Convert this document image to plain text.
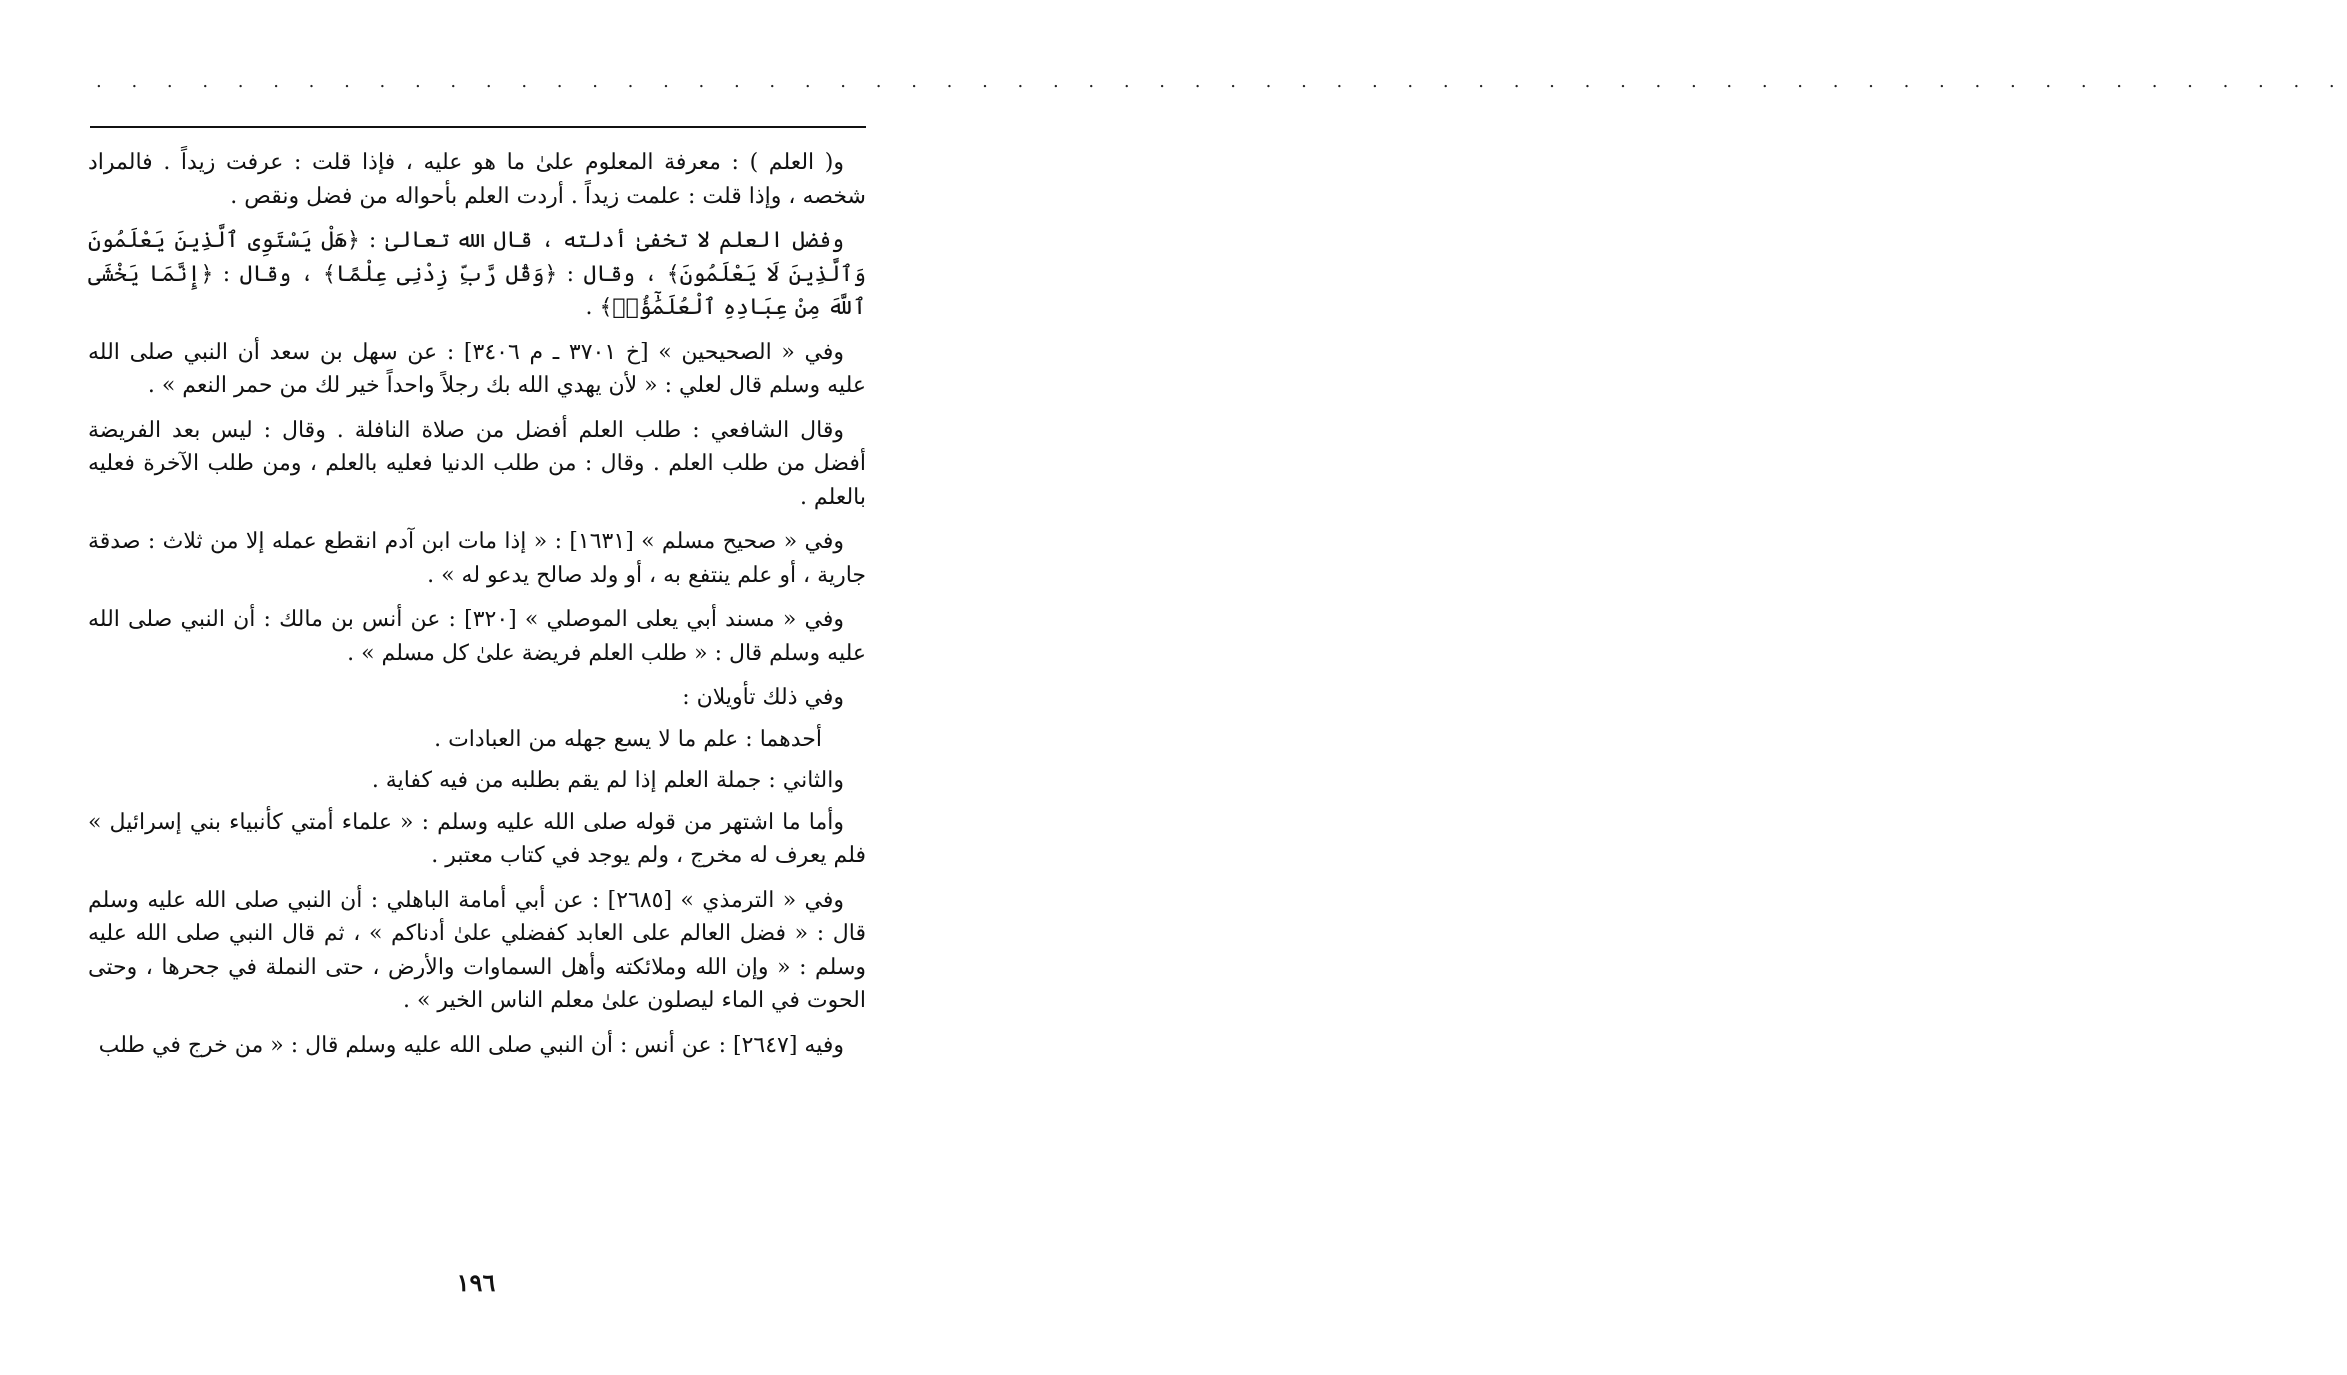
. . . . . . . . . . . . . . . . . . . . . . . . . . . . . . . . . . . . . . . . . . . . . . . . . . . . . . . . . . . . . . . .

و( العلم ) : معرفة المعلوم علىٰ ما هو عليه ، فإذا قلت : عرفت زيداً . فالمراد شخصه ، وإذا قلت : علمت زيداً . أردت العلم بأحواله من فضل ونقص .

وفضل العلم لا تخفىٰ أدلته ، قال الله تعالىٰ : ﴿هَلْ يَسْتَوِى ٱلَّذِينَ يَعْلَمُونَ وَٱلَّذِينَ لَا يَعْلَمُونَ﴾ ، وقال : ﴿وَقُل رَّبِّ زِدْنِى عِلْمًا﴾ ، وقال : ﴿إِنَّمَا يَخْشَى ٱللَّهَ مِنْ عِبَادِهِ ٱلْعُلَمَٰٓؤُا۟﴾ .

وفي « الصحيحين » [خ ٣٧٠١ ـ م ٣٤٠٦] : عن سهل بن سعد أن النبي صلى الله عليه وسلم قال لعلي : « لأن يهدي الله بك رجلاً واحداً خير لك من حمر النعم » .

وقال الشافعي : طلب العلم أفضل من صلاة النافلة . وقال : ليس بعد الفريضة أفضل من طلب العلم . وقال : من طلب الدنيا فعليه بالعلم ، ومن طلب الآخرة فعليه بالعلم .

وفي « صحيح مسلم » [١٦٣١] : « إذا مات ابن آدم انقطع عمله إلا من ثلاث : صدقة جارية ، أو علم ينتفع به ، أو ولد صالح يدعو له » .

وفي « مسند أبي يعلى الموصلي » [٣٢٠] : عن أنس بن مالك : أن النبي صلى الله عليه وسلم قال : « طلب العلم فريضة علىٰ كل مسلم » .

وفي ذلك تأويلان :

أحدهما : علم ما لا يسع جهله من العبادات .

والثاني : جملة العلم إذا لم يقم بطلبه من فيه كفاية .

وأما ما اشتهر من قوله صلى الله عليه وسلم : « علماء أمتي كأنبياء بني إسرائيل » فلم يعرف له مخرج ، ولم يوجد في كتاب معتبر .

وفي « الترمذي » [٢٦٨٥] : عن أبي أمامة الباهلي : أن النبي صلى الله عليه وسلم قال : « فضل العالم على العابد كفضلي علىٰ أدناكم » ، ثم قال النبي صلى الله عليه وسلم : « وإن الله وملائكته وأهل السماوات والأرض ، حتى النملة في جحرها ، وحتى الحوت في الماء ليصلون علىٰ معلم الناس الخير » .

وفيه [٢٦٤٧] : عن أنس : أن النبي صلى الله عليه وسلم قال : « من خرج في طلب

١٩٦
